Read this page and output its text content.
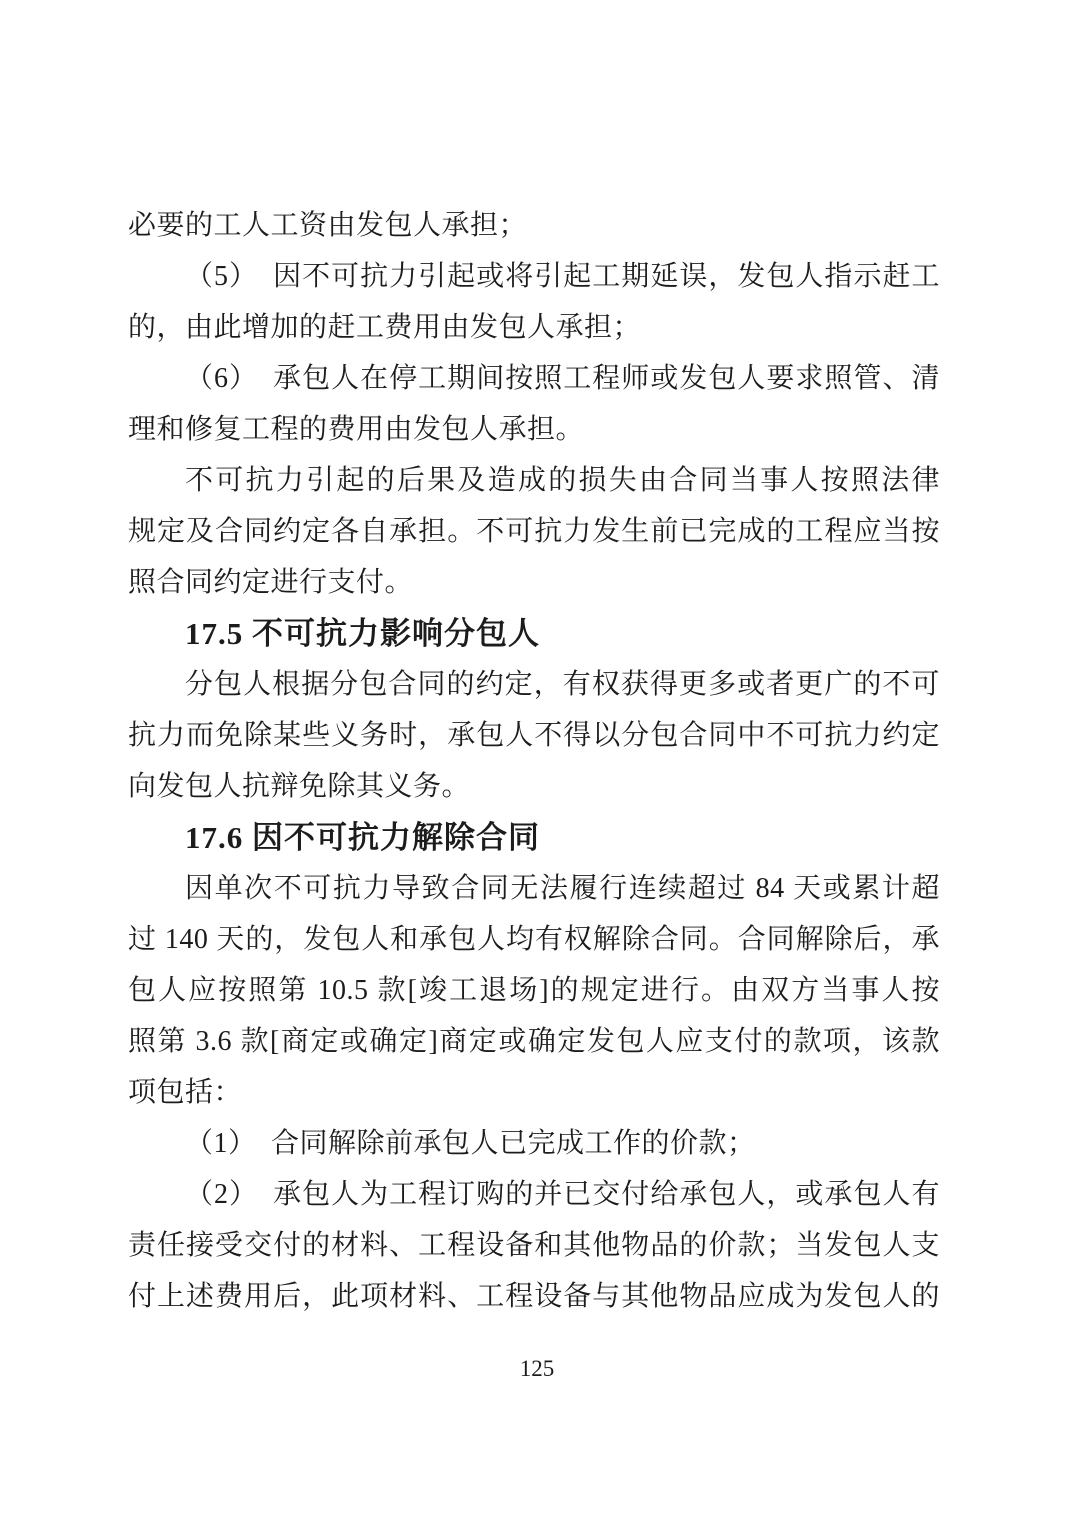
必要的工人工资由发包人承担；
（5）　因不可抗力引起或将引起工期延误，发包人指示赶工
的，由此增加的赶工费用由发包人承担；
（6）　承包人在停工期间按照工程师或发包人要求照管、清
理和修复工程的费用由发包人承担。
不可抗力引起的后果及造成的损失由合同当事人按照法律
规定及合同约定各自承担。不可抗力发生前已完成的工程应当按
照合同约定进行支付。
17.5 不可抗力影响分包人
分包人根据分包合同的约定，有权获得更多或者更广的不可
抗力而免除某些义务时，承包人不得以分包合同中不可抗力约定
向发包人抗辩免除其义务。
17.6 因不可抗力解除合同
因单次不可抗力导致合同无法履行连续超过 84 天或累计超
过 140 天的，发包人和承包人均有权解除合同。合同解除后，承
包人应按照第 10.5 款[竣工退场]的规定进行。由双方当事人按
照第 3.6 款[商定或确定]商定或确定发包人应支付的款项，该款
项包括：
（1）　合同解除前承包人已完成工作的价款；
（2）　承包人为工程订购的并已交付给承包人，或承包人有
责任接受交付的材料、工程设备和其他物品的价款；当发包人支
付上述费用后，此项材料、工程设备与其他物品应成为发包人的
125
